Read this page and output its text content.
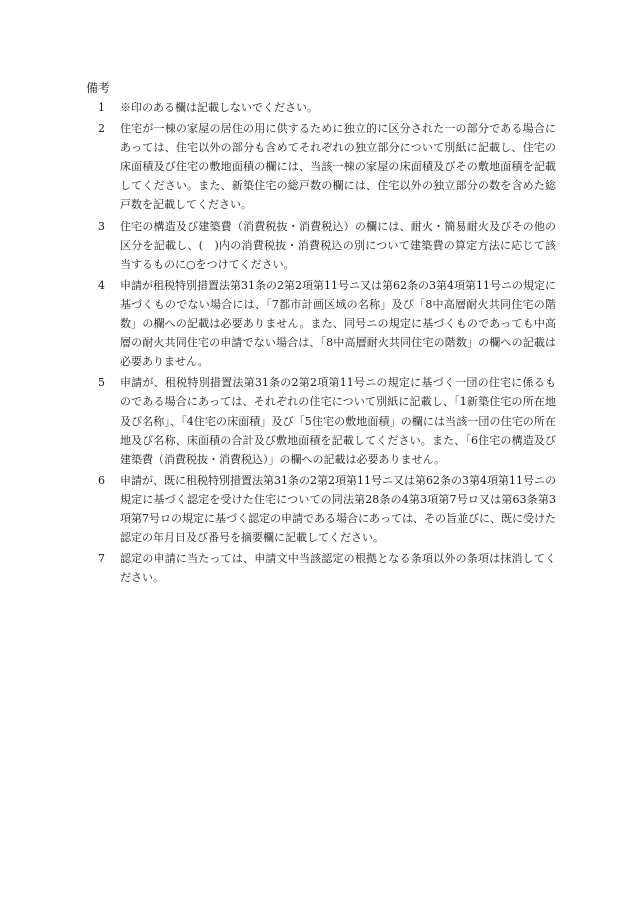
備考
1	※印のある欄は記載しないでください。
2	住宅が一棟の家屋の居住の用に供するために独立的に区分された一の部分である場合にあっては、住宅以外の部分も含めてそれぞれの独立部分について別紙に記載し、住宅の床面積及び住宅の敷地面積の欄には、当該一棟の家屋の床面積及びその敷地面積を記載してください。また、新築住宅の総戸数の欄には、住宅以外の独立部分の数を含めた総戸数を記載してください。
3	住宅の構造及び建築費（消費税抜・消費税込）の欄には、耐火・簡易耐火及びその他の区分を記載し、(　)内の消費税抜・消費税込の別について建築費の算定方法に応じて該当するものに○をつけてください。
4	申請が租税特別措置法第31条の2第2項第11号ニ又は第62条の3第4項第11号ニの規定に基づくものでない場合には、「7都市計画区域の名称」及び「8中高層耐火共同住宅の階数」の欄への記載は必要ありません。また、同号ニの規定に基づくものであっても中高層の耐火共同住宅の申請でない場合は、「8中高層耐火共同住宅の階数」の欄への記載は必要ありません。
5	申請が、租税特別措置法第31条の2第2項第11号ニの規定に基づく一団の住宅に係るものである場合にあっては、それぞれの住宅について別紙に記載し、「1新築住宅の所在地及び名称」、「4住宅の床面積」及び「5住宅の敷地面積」の欄には当該一団の住宅の所在地及び名称、床面積の合計及び敷地面積を記載してください。また、「6住宅の構造及び建築費（消費税抜・消費税込）」の欄への記載は必要ありません。
6	申請が、既に租税特別措置法第31条の2第2項第11号ニ又は第62条の3第4項第11号ニの規定に基づく認定を受けた住宅についての同法第28条の4第3項第7号ロ又は第63条第3項第7号ロの規定に基づく認定の申請である場合にあっては、その旨並びに、既に受けた認定の年月日及び番号を摘要欄に記載してください。
7	認定の申請に当たっては、申請文中当該認定の根拠となる条項以外の条項は抹消してください。
